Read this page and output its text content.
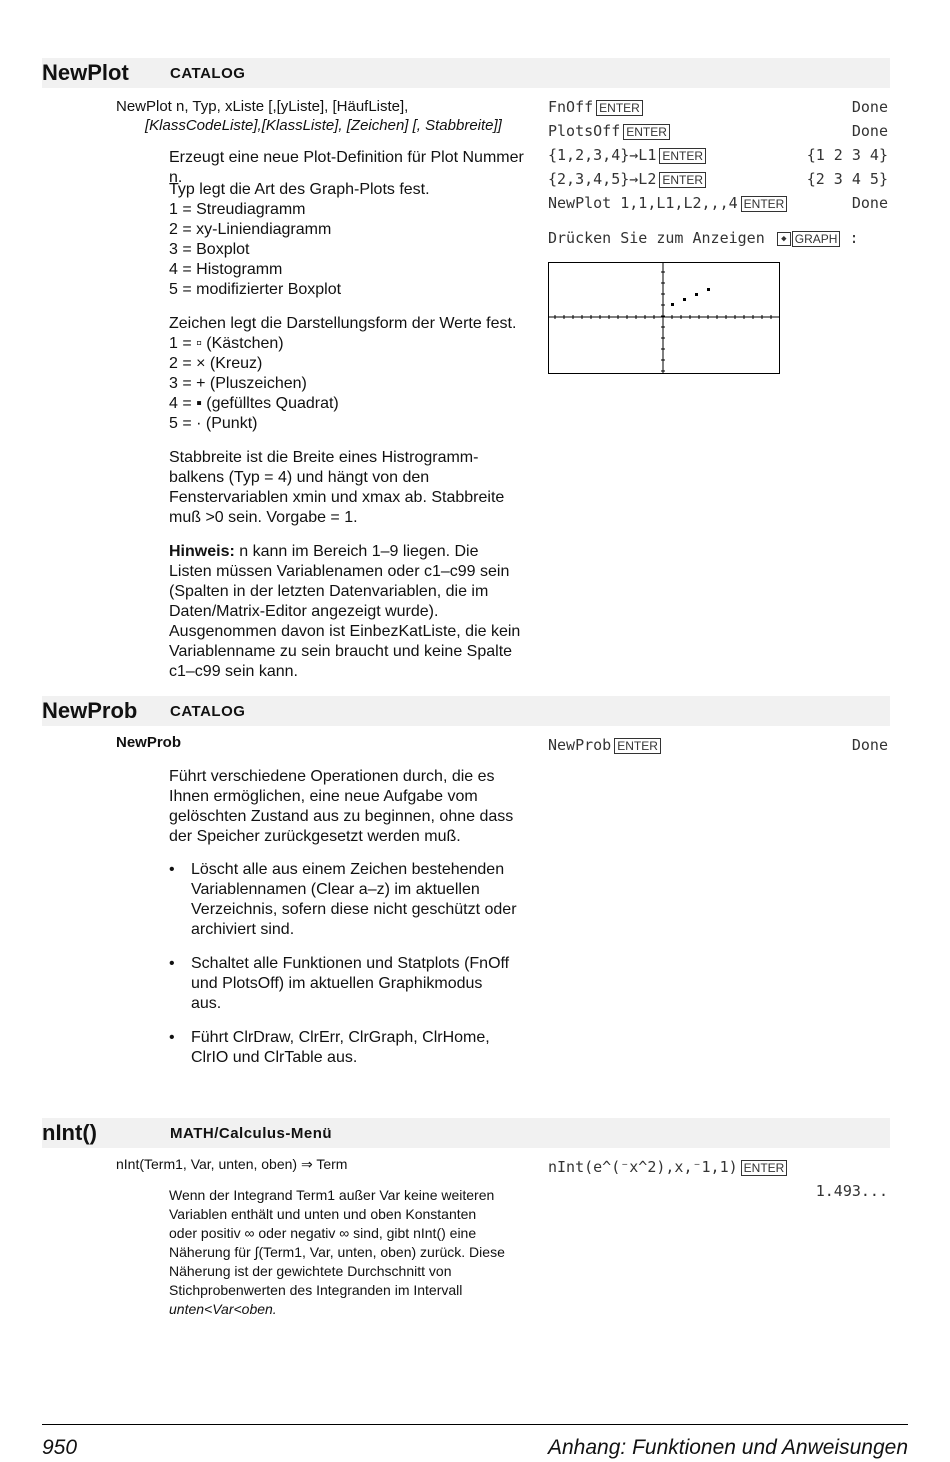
NewPlot	CATALOG
NewPlot n, Typ, xListe [,[yListe], [HäufListe],
[KlassCodeListe],[KlassListe], [Zeichen] [, Stabbreite]]
Erzeugt eine neue Plot-Definition für Plot Nummer n.
Typ legt die Art des Graph-Plots fest.
1 = Streudiagramm
2 = xy-Liniendiagramm
3 = Boxplot
4 = Histogramm
5 = modifizierter Boxplot
Zeichen legt die Darstellungsform der Werte fest.
1 = ▫ (Kästchen)
2 = × (Kreuz)
3 = + (Pluszeichen)
4 = ▪ (gefülltes Quadrat)
5 = · (Punkt)
Stabbreite ist die Breite eines Histrogramm-
balkens (Typ = 4) und hängt von den
Fenstervariablen xmin und xmax ab. Stabbreite
muß >0 sein. Vorgabe = 1.
Hinweis: n kann im Bereich 1–9 liegen. Die
Listen müssen Variablenamen oder c1–c99 sein
(Spalten in der letzten Datenvariablen, die im
Daten/Matrix-Editor angezeigt wurde).
Ausgenommen davon ist EinbezKatListe, die kein
Variablenname zu sein braucht und keine Spalte
c1–c99 sein kann.
FnOff ENTER	Done
PlotsOff ENTER	Done
{1,2,3,4}→L1 ENTER	{1 2 3 4}
{2,3,4,5}→L2 ENTER	{2 3 4 5}
NewPlot 1,1,L1,L2,,,4 ENTER	Done
Drücken Sie zum Anzeigen ◆ GRAPH :
NewProb CATALOG
NewProb
Führt verschiedene Operationen durch, die es
Ihnen ermöglichen, eine neue Aufgabe vom
gelöschten Zustand aus zu beginnen, ohne dass
der Speicher zurückgesetzt werden muß.
• Löscht alle aus einem Zeichen bestehenden
Variablennamen (Clear a–z) im aktuellen
Verzeichnis, sofern diese nicht geschützt oder
archiviert sind.
• Schaltet alle Funktionen und Statplots (FnOff
und PlotsOff) im aktuellen Graphikmodus
aus.
• Führt ClrDraw, ClrErr, ClrGraph, ClrHome,
ClrIO und ClrTable aus.
NewProb ENTER	Done
nInt()	MATH/Calculus-Menü
nInt(Term1, Var, unten, oben) ⇒ Term
Wenn der Integrand Term1 außer Var keine weiteren
Variablen enthält und unten und oben Konstanten
oder positiv ∞ oder negativ ∞ sind, gibt nInt() eine
Näherung für ∫(Term1, Var, unten, oben) zurück. Diese
Näherung ist der gewichtete Durchschnitt von
Stichprobenwerten des Integranden im Intervall
unten<Var<oben.
nInt(e^(⁻x^2),x,⁻1,1) ENTER
1.493...
950	Anhang: Funktionen und Anweisungen
